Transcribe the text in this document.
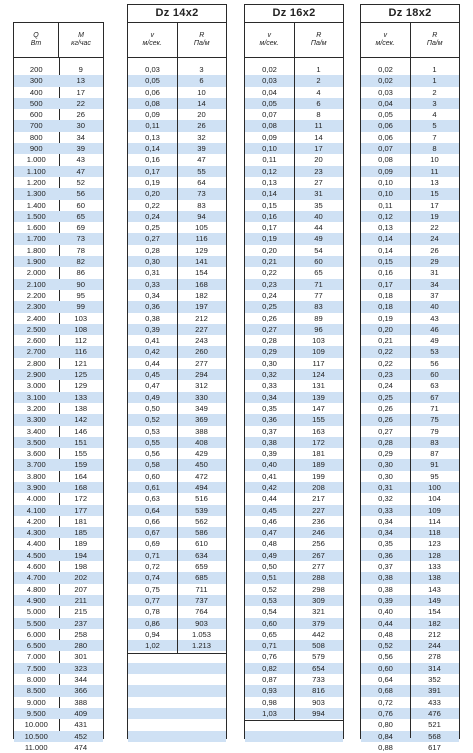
Q
Вт
M
кг/час
200	9
300	13
400	17
500	22
600	26
700	30
800	34
900	39
1.000	43
1.100	47
1.200	52
1.300	56
1.400	60
1.500	65
1.600	69
1.700	73
1.800	78
1.900	82
2.000	86
2.100	90
2.200	95
2.300	99
2.400	103
2.500	108
2.600	112
2.700	116
2.800	121
2.900	125
3.000	129
3.100	133
3.200	138
3.300	142
3.400	146
3.500	151
3.600	155
3.700	159
3.800	164
3.900	168
4.000	172
4.100	177
4.200	181
4.300	185
4.400	189
4.500	194
4.600	198
4.700	202
4.800	207
4.900	211
5.000	215
5.500	237
6.000	258
6.500	280
7.000	301
7.500	323
8.000	344
8.500	366
9.000	388
9.500	409
10.000	431
10.500	452
11.000	474
Dz 14x2
v
м/сек.
R
Па/м
0,03	3
0,05	6
0,06	10
0,08	14
0,09	20
0,11	26
0,13	32
0,14	39
0,16	47
0,17	55
0,19	64
0,20	73
0,22	83
0,24	94
0,25	105
0,27	116
0,28	129
0,30	141
0,31	154
0,33	168
0,34	182
0,36	197
0,38	212
0,39	227
0,41	243
0,42	260
0,44	277
0,45	294
0,47	312
0,49	330
0,50	349
0,52	369
0,53	388
0,55	408
0,56	429
0,58	450
0,60	472
0,61	494
0,63	516
0,64	539
0,66	562
0,67	586
0,69	610
0,71	634
0,72	659
0,74	685
0,75	711
0,77	737
0,78	764
0,86	903
0,94	1.053
1,02	1.213
Dz 16x2
v
м/сек.
R
Па/м
0,02	1
0,03	2
0,04	4
0,05	6
0,07	8
0,08	11
0,09	14
0,10	17
0,11	20
0,12	23
0,13	27
0,14	31
0,15	35
0,16	40
0,17	44
0,19	49
0,20	54
0,21	60
0,22	65
0,23	71
0,24	77
0,25	83
0,26	89
0,27	96
0,28	103
0,29	109
0,30	117
0,32	124
0,33	131
0,34	139
0,35	147
0,36	155
0,37	163
0,38	172
0,39	181
0,40	189
0,41	199
0,42	208
0,44	217
0,45	227
0,46	236
0,47	246
0,48	256
0,49	267
0,50	277
0,51	288
0,52	298
0,53	309
0,54	321
0,60	379
0,65	442
0,71	508
0,76	579
0,82	654
0,87	733
0,93	816
0,98	903
1,03	994
Dz 18x2
v
м/сек.
R
Па/м
0,02	1
0,02	1
0,03	2
0,04	3
0,05	4
0,06	5
0,06	7
0,07	8
0,08	10
0,09	11
0,10	13
0,10	15
0,11	17
0,12	19
0,13	22
0,14	24
0,14	26
0,15	29
0,16	31
0,17	34
0,18	37
0,18	40
0,19	43
0,20	46
0,21	49
0,22	53
0,22	56
0,23	60
0,24	63
0,25	67
0,26	71
0,26	75
0,27	79
0,28	83
0,29	87
0,30	91
0,30	95
0,31	100
0,32	104
0,33	109
0,34	114
0,34	118
0,35	123
0,36	128
0,37	133
0,38	138
0,38	143
0,39	149
0,40	154
0,44	182
0,48	212
0,52	244
0,56	278
0,60	314
0,64	352
0,68	391
0,72	433
0,76	476
0,80	521
0,84	568
0,88	617
